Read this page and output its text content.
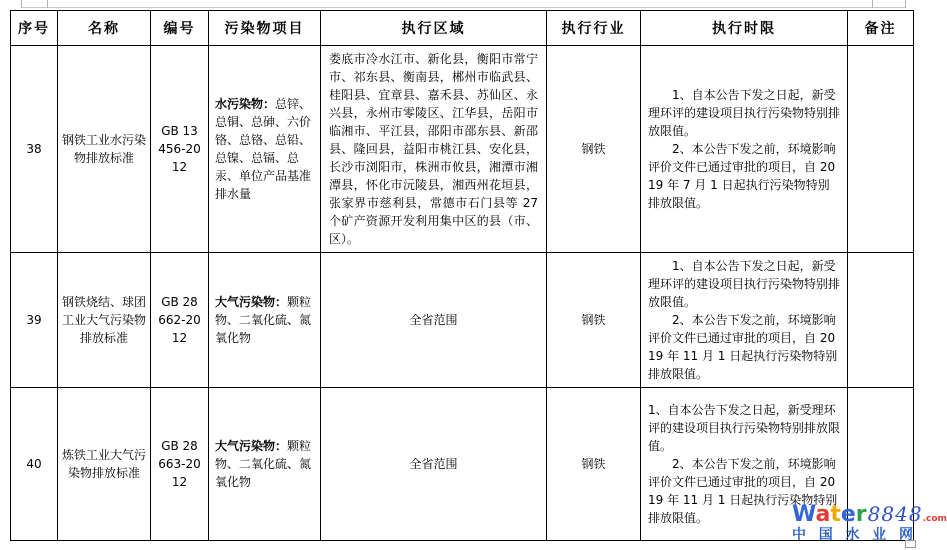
序号	名称	编号	污染物项目	执行区域	执行行业	执行时限	备注
38	钢铁工业水污染物排放标准	GB 13456-2012	水污染物：总锌、总铜、总砷、六价铬、总铬、总铅、总镍、总镉、总汞、单位产品基准排水量	娄底市冷水江市、新化县，衡阳市常宁市、祁东县、衡南县，郴州市临武县、桂阳县、宜章县、嘉禾县、苏仙区、永兴县，永州市零陵区、江华县，岳阳市临湘市、平江县，邵阳市邵东县、新邵县、隆回县，益阳市桃江县、安化县，长沙市浏阳市，株洲市攸县，湘潭市湘潭县，怀化市沅陵县，湘西州花垣县，张家界市慈利县，常德市石门县等 27 个矿产资源开发利用集中区的县（市、区）。	钢铁	1、自本公告下发之日起，新受理环评的建设项目执行污染物特别排放限值。

2、本公告下发之前，环境影响评价文件已通过审批的项目，自 2019 年 7 月 1 日起执行污染物特别排放限值。	

39	钢铁烧结、球团工业大气污染物排放标准	GB 28662-2012	大气污染物：颗粒物、二氧化硫、氮氧化物	全省范围	钢铁	1、自本公告下发之日起，新受理环评的建设项目执行污染物特别排放限值。

2、本公告下发之前，环境影响评价文件已通过审批的项目，自 2019 年 11 月 1 日起执行污染物特别排放限值。	

40	炼铁工业大气污染物排放标准	GB 28663-2012	大气污染物：颗粒物、二氧化硫、氮氧化物	全省范围	钢铁	1、自本公告下发之日起，新受理环评的建设项目执行污染物特别排放限值。

2、本公告下发之前，环境影响评价文件已通过审批的项目，自 2019 年 11 月 1 日起执行污染物特别排放限值。	

		Water 8848 .com
中 国 水 业 网
